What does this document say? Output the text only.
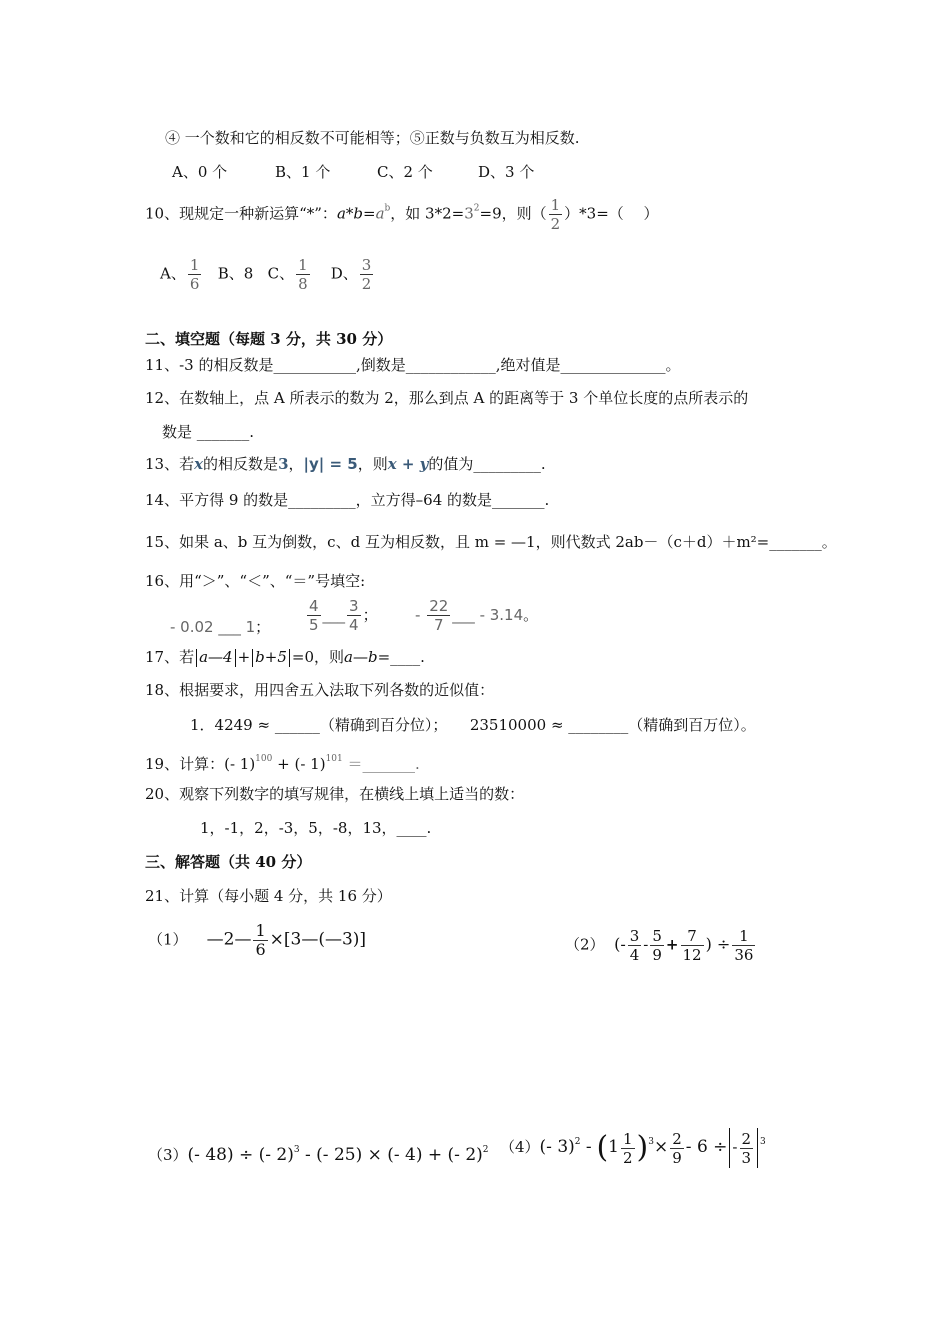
④ 一个数和它的相反数不可能相等；⑤正数与负数互为相反数.
A、0 个	B、1 个	C、2 个	D、3 个
10、现规定一种新运算“*”：$a*b=a^b$，如 $3*2=3^2=9$，则（ $\frac{1}{2} )*3=$（　 ）
A、 $\frac{1}{6}$ B、8 C、 $\frac{1}{8}$ D、 $\frac{3}{2}$
二、填空题（每题 3 分，共 30 分）
11、-3 的相反数是___________,倒数是____________,绝对值是______________。
12、在数轴上，点 A 所表示的数为 2，那么到点 A 的距离等于 3 个单位长度的点所表示的
数是 _______.
13、若x的相反数是3，|y| = 5，则x + y的值为_________.
14、平方得 9 的数是_________，立方得–64 的数是_______.
15、如果 a、b 互为倒数，c、d 互为相反数，且 m = —1，则代数式 2ab－（c＋d）＋m²=_______。
16、用“＞”、“＜”、“＝”号填空:
- 0.02 ___ 1； $\frac{4}{5}$ ___ $\frac{3}{4}$ ； - $\frac{22}{7}$ ___ - 3.14。
17、若 a—4 + b+5 =0，则a—b=____.
18、根据要求，用四舍五入法取下列各数的近似值：
1．4249 ≈ ______（精确到百分位）；　　23510000 ≈ ________（精确到百万位）。
19、计算：(- 1)$^{100}$ + (- 1)$^{101}$ ＝_______.
20、观察下列数字的填写规律，在横线上填上适当的数：
1，-1，2，-3，5，-8，13，____.
三、解答题（共 40 分）
21、计算（每小题 4 分，共 16 分）
（1） —2— $\frac{1}{6}$ ×[3—(—3)]	（2） (- $\frac{3}{4} - \frac{5}{9} + \frac{7}{12}$ ) ÷ $\frac{1}{36}$
（3）(- 48) ÷ (- 2)$^3$ - (- 25) × (- 4) + (- 2)$^2$ （4）(- $3)^2 - (1 \frac{1}{2} )^3\times \frac{2}{9} - 6$ ÷ - $\frac{2}{3} ^3$
